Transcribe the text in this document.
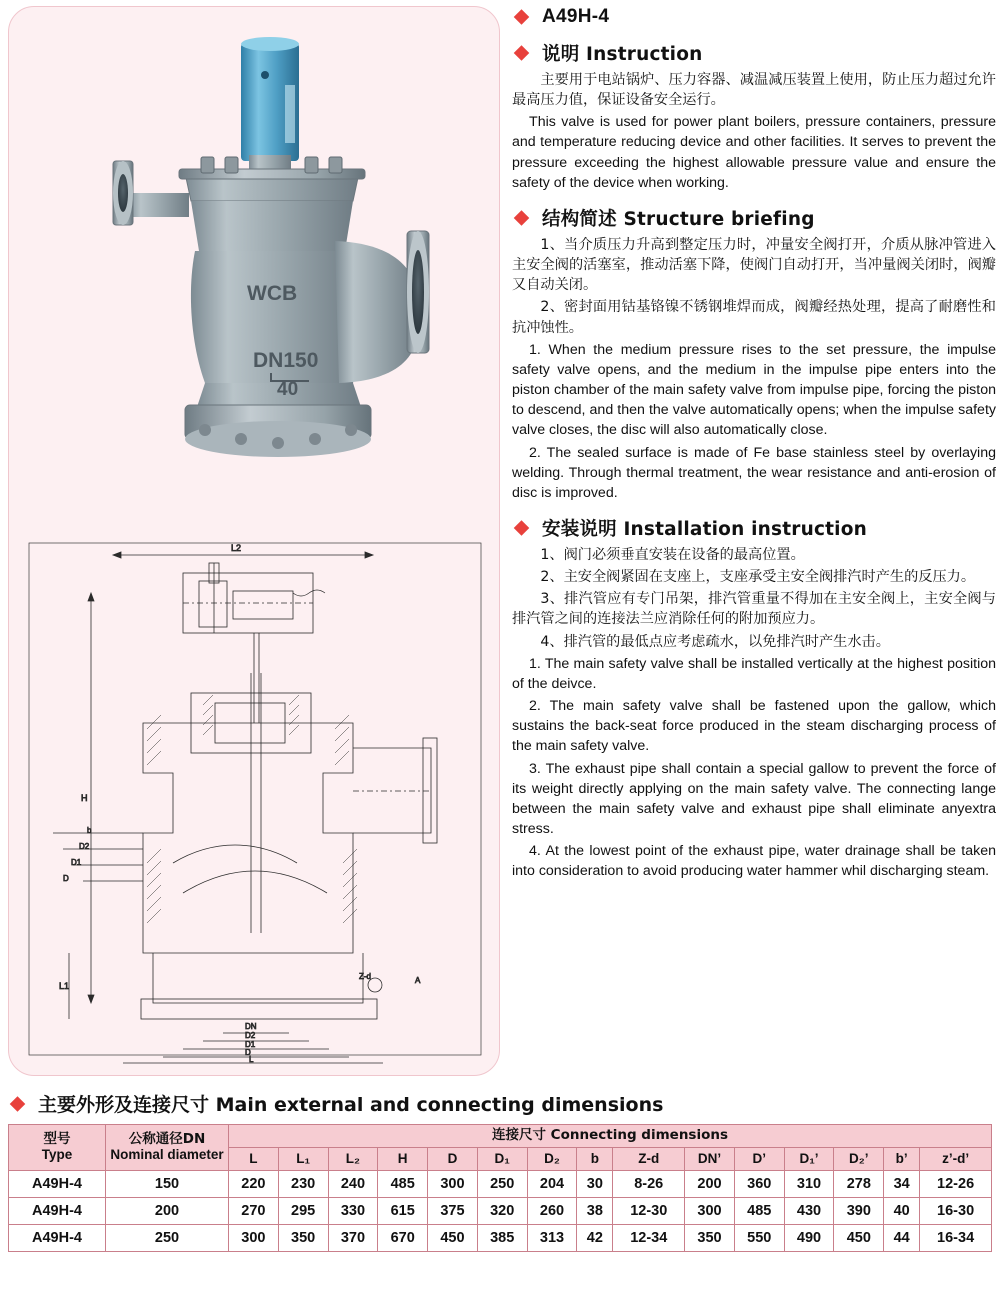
WCB
DN150
40
L2
H
L1
b
D2
D1
D
DN
D2
D1
D
L
Z-d	A
A49H-4
说明 Instruction

主要用于电站锅炉、压力容器、减温减压装置上使用，防止压力超过允许最高压力值，保证设备安全运行。

This valve is used for power plant boilers, pressure containers, pressure and temperature reducing device and other facilities. It serves to prevent the pressure exceeding the highest allowable pressure value and ensure the safety of the device when working.

结构简述 Structure briefing

1、当介质压力升高到整定压力时，冲量安全阀打开，介质从脉冲管进入主安全阀的活塞室，推动活塞下降，使阀门自动打开，当冲量阀关闭时，阀瓣又自动关闭。

2、密封面用钴基铬镍不锈钢堆焊而成，阀瓣经热处理，提高了耐磨性和抗冲蚀性。

1. When the medium pressure rises to the set pressure, the impulse safety valve opens, and the medium in the impulse pipe enters into the piston chamber of the main safety valve from impulse pipe, forcing the piston to descend, and then the valve automatically opens; when the impulse safety valve closes, the disc will also automatically close.

2. The sealed surface is made of Fe base stainless steel by overlaying welding. Through thermal treatment, the wear resistance and anti-erosion of disc is improved.

安装说明 Installation instruction

1、阀门必须垂直安装在设备的最高位置。

2、主安全阀紧固在支座上，支座承受主安全阀排汽时产生的反压力。

3、排汽管应有专门吊架，排汽管重量不得加在主安全阀上，主安全阀与排汽管之间的连接法兰应消除任何的附加预应力。

4、排汽管的最低点应考虑疏水，以免排汽时产生水击。

1. The main safety valve shall be installed vertically at the highest position of the deivce.

2. The main safety valve shall be fastened upon the gallow, which sustains the back-seat force produced in the steam discharging process of the main safety valve.

3. The exhaust pipe shall contain a special gallow to prevent the force of its weight directly applying on the main safety valve. The connecting lange between the main safety valve and exhaust pipe shall eliminate anyextra stress.

4. At the lowest point of the exhaust pipe, water drainage shall be taken into consideration to avoid producing water hammer whil discharging steam.

主要外形及连接尺寸 Main external and connecting dimensions
型号
Type

公称通径DN
Nominal diameter
	连接尺寸 Connecting dimensions
		L	L₁	L₂	H	D	D₁	D₂	b	Z-d	DN’	D’	D₁’	D₂’	b’	z’-d’
A49H-4	150	220	230	240	485	300	250	204	30	8-26	200	360	310	278	34	12-26
A49H-4	200	270	295	330	615	375	320	260	38	12-30	300	485	430	390	40	16-30
A49H-4	250	300	350	370	670	450	385	313	42	12-34	350	550	490	450	44	16-34
